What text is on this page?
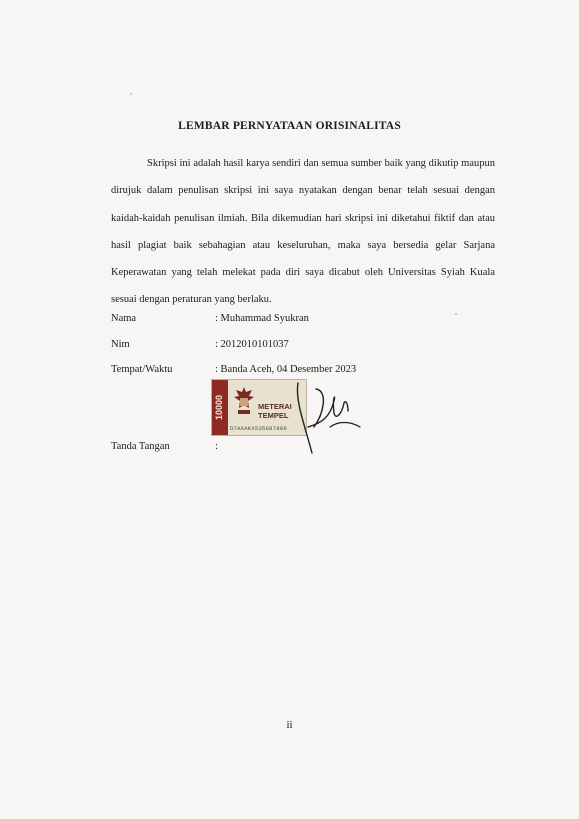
LEMBAR PERNYATAAN ORISINALITAS
Skripsi ini adalah hasil karya sendiri dan semua sumber baik yang dikutip maupun dirujuk dalam penulisan skripsi ini saya nyatakan dengan benar telah sesuai dengan kaidah-kaidah penulisan ilmiah. Bila dikemudian hari skripsi ini diketahui fiktif dan atau hasil plagiat baik sebahagian atau keseluruhan, maka saya bersedia gelar Sarjana Keperawatan yang telah melekat pada diri saya dicabut oleh Universitas Syiah Kuala sesuai dengan peraturan yang berlaku.
Nama	: Muhammad Syukran
Nim	: 2012010101037
Tempat/Waktu	: Banda Aceh, 04 Desember 2023
Tanda Tangan	:
10000	METERAI
TEMPEL
D7A6AKX535687809
ii
